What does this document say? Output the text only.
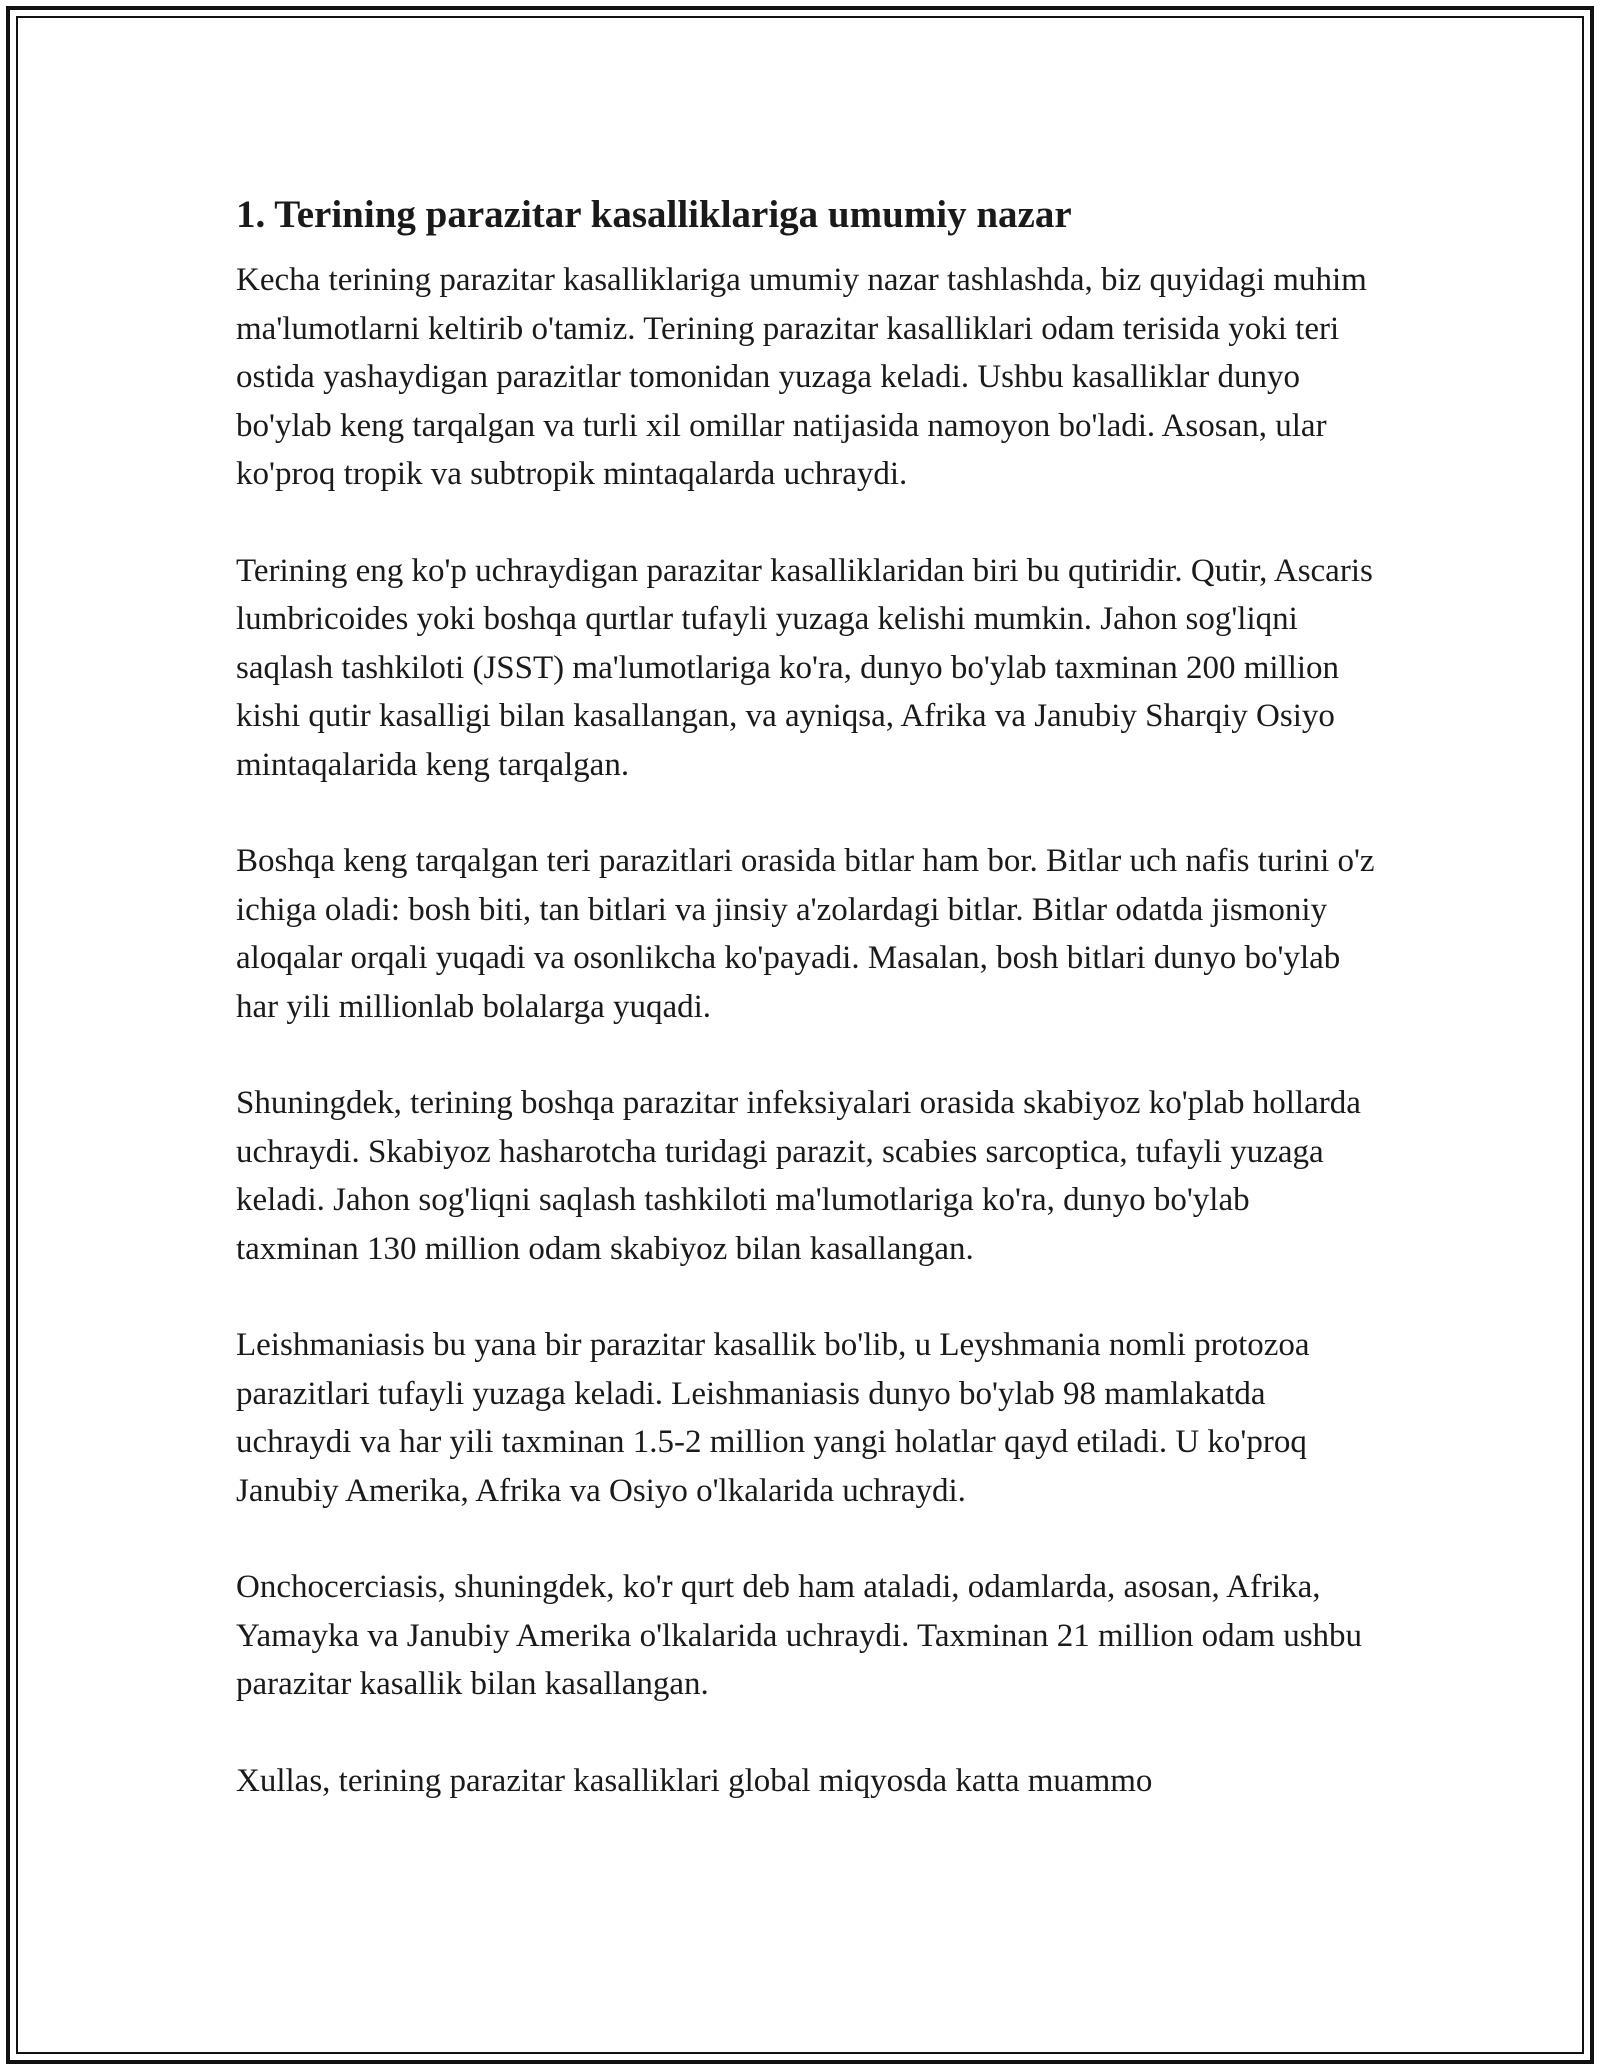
1. Terining parazitar kasalliklariga umumiy nazar

Kecha terining parazitar kasalliklariga umumiy nazar tashlashda, biz quyidagi muhim ma'lumotlarni keltirib o'tamiz. Terining parazitar kasalliklari odam terisida yoki teri ostida yashaydigan parazitlar tomonidan yuzaga keladi. Ushbu kasalliklar dunyo bo'ylab keng tarqalgan va turli xil omillar natijasida namoyon bo'ladi. Asosan, ular ko'proq tropik va subtropik mintaqalarda uchraydi.

Terining eng ko'p uchraydigan parazitar kasalliklaridan biri bu qutiridir. Qutir, Ascaris lumbricoides yoki boshqa qurtlar tufayli yuzaga kelishi mumkin. Jahon sog'liqni saqlash tashkiloti (JSST) ma'lumotlariga ko'ra, dunyo bo'ylab taxminan 200 million kishi qutir kasalligi bilan kasallangan, va ayniqsa, Afrika va Janubiy Sharqiy Osiyo mintaqalarida keng tarqalgan.

Boshqa keng tarqalgan teri parazitlari orasida bitlar ham bor. Bitlar uch nafis turini o'z ichiga oladi: bosh biti, tan bitlari va jinsiy a'zolardagi bitlar. Bitlar odatda jismoniy aloqalar orqali yuqadi va osonlikcha ko'payadi. Masalan, bosh bitlari dunyo bo'ylab har yili millionlab bolalarga yuqadi.

Shuningdek, terining boshqa parazitar infeksiyalari orasida skabiyoz ko'plab hollarda uchraydi. Skabiyoz hasharotcha turidagi parazit, scabies sarcoptica, tufayli yuzaga keladi. Jahon sog'liqni saqlash tashkiloti ma'lumotlariga ko'ra, dunyo bo'ylab taxminan 130 million odam skabiyoz bilan kasallangan.

Leishmaniasis bu yana bir parazitar kasallik bo'lib, u Leyshmania nomli protozoa parazitlari tufayli yuzaga keladi. Leishmaniasis dunyo bo'ylab 98 mamlakatda uchraydi va har yili taxminan 1.5-2 million yangi holatlar qayd etiladi. U ko'proq Janubiy Amerika, Afrika va Osiyo o'lkalarida uchraydi.

Onchocerciasis, shuningdek, ko'r qurt deb ham ataladi, odamlarda, asosan, Afrika, Yamayka va Janubiy Amerika o'lkalarida uchraydi. Taxminan 21 million odam ushbu parazitar kasallik bilan kasallangan.

Xullas, terining parazitar kasalliklari global miqyosda katta muammo
